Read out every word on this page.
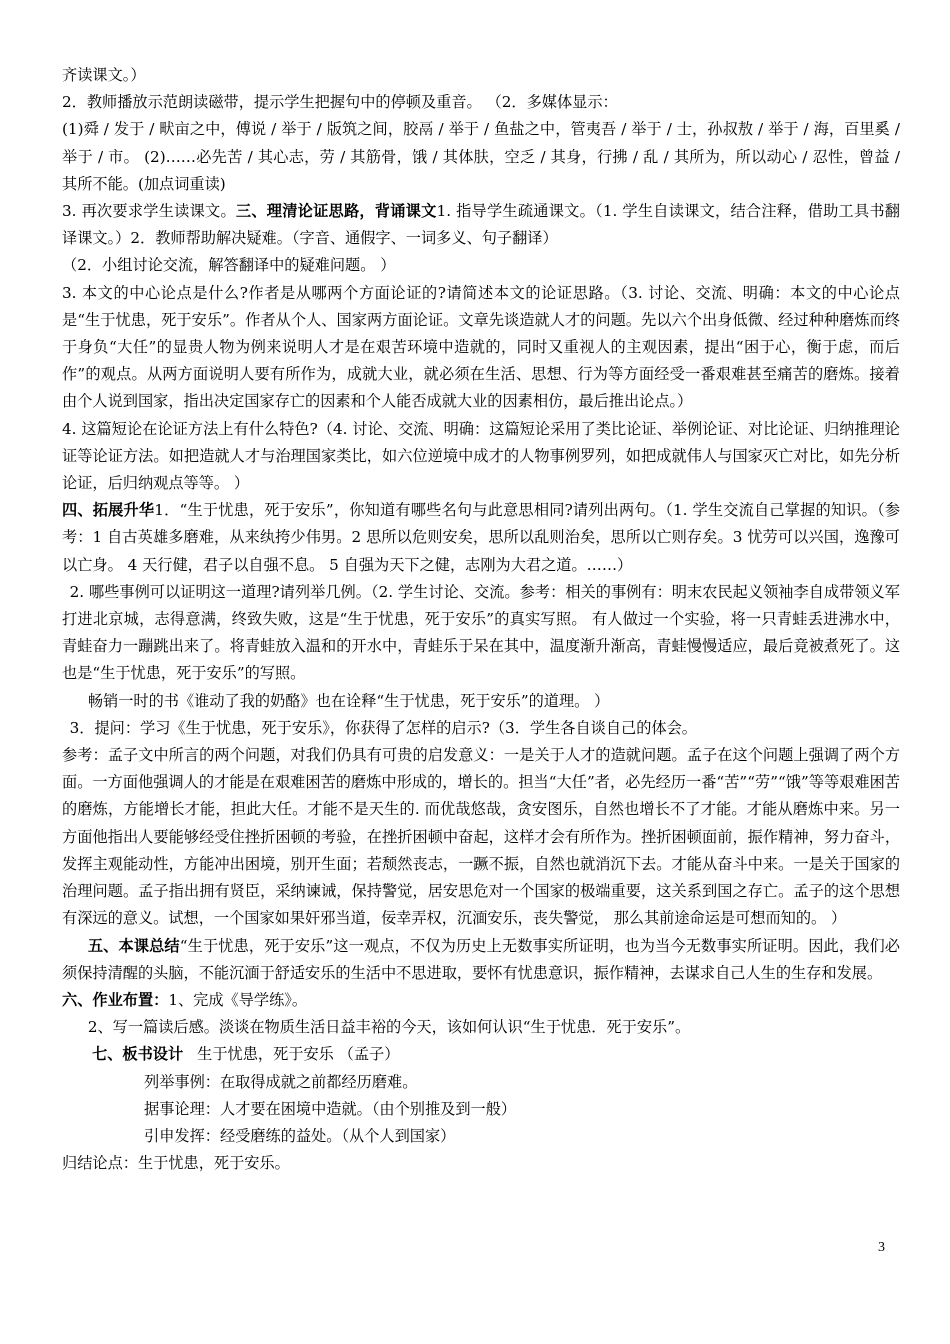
齐读课文。）

2．教师播放示范朗读磁带，提示学生把握句中的停顿及重音。 （2．多媒体显示：

(1)舜 / 发于 / 畎亩之中，傅说 / 举于 / 版筑之间，胶鬲 / 举于 / 鱼盐之中，管夷吾 / 举于 / 士，孙叔敖 / 举于 / 海，百里奚 / 举于 / 市。 (2)……必先苦 / 其心志，劳 / 其筋骨，饿 / 其体肤，空乏 / 其身，行拂 / 乱 / 其所为，所以动心 / 忍性，曾益 / 其所不能。(加点词重读)

3. 再次要求学生读课文。三、理清论证思路，背诵课文1. 指导学生疏通课文。（1. 学生自读课文，结合注释，借助工具书翻译课文。）2．教师帮助解决疑难。（字音、通假字、一词多义、句子翻译）

（2．小组讨论交流，解答翻译中的疑难问题。 ）

3. 本文的中心论点是什么?作者是从哪两个方面论证的?请简述本文的论证思路。（3. 讨论、交流、明确：本文的中心论点是“生于忧患，死于安乐”。作者从个人、国家两方面论证。文章先谈造就人才的问题。先以六个出身低微、经过种种磨炼而终于身负“大任”的显贵人物为例来说明人才是在艰苦环境中造就的，同时又重视人的主观因素，提出“困于心，衡于虑，而后作”的观点。从两方面说明人要有所作为，成就大业，就必须在生活、思想、行为等方面经受一番艰难甚至痛苦的磨炼。接着由个人说到国家，指出决定国家存亡的因素和个人能否成就大业的因素相仿，最后推出论点。）

4. 这篇短论在论证方法上有什么特色?（4. 讨论、交流、明确：这篇短论采用了类比论证、举例论证、对比论证、归纳推理论证等论证方法。如把造就人才与治理国家类比，如六位逆境中成才的人物事例罗列，如把成就伟人与国家灭亡对比，如先分析论证，后归纳观点等等。 ）

四、拓展升华1．“生于忧患，死于安乐”，你知道有哪些名句与此意思相同?请列出两句。（1. 学生交流自己掌握的知识。（参考：1 自古英雄多磨难，从来纨挎少伟男。2 思所以危则安矣，思所以乱则治矣，思所以亡则存矣。3 忧劳可以兴国，逸豫可以亡身。 4 天行健，君子以自强不息。 5 自强为天下之健，志刚为大君之道。……）

2. 哪些事例可以证明这一道理?请列举几例。（2. 学生讨论、交流。参考：相关的事例有：明末农民起义领袖李自成带领义军打进北京城，志得意满，终致失败，这是“生于忧患，死于安乐”的真实写照。 有人做过一个实验，将一只青蛙丢进沸水中，青蛙奋力一蹦跳出来了。将青蛙放入温和的开水中，青蛙乐于呆在其中，温度渐升渐高，青蛙慢慢适应，最后竟被煮死了。这也是“生于忧患，死于安乐”的写照。

畅销一时的书《谁动了我的奶酪》也在诠释“生于忧患，死于安乐”的道理。 ）

3．提问：学习《生于忧患，死于安乐》，你获得了怎样的启示?（3．学生各自谈自己的体会。

参考：孟子文中所言的两个问题，对我们仍具有可贵的启发意义：一是关于人才的造就问题。孟子在这个问题上强调了两个方面。一方面他强调人的才能是在艰难困苦的磨炼中形成的，增长的。担当“大任”者，必先经历一番“苦”“劳”“饿”等等艰难困苦的磨炼，方能增长才能，担此大任。才能不是天生的. 而优哉悠哉，贪安图乐，自然也增长不了才能。才能从磨炼中来。另一方面他指出人要能够经受住挫折困顿的考验，在挫折困顿中奋起，这样才会有所作为。挫折困顿面前，振作精神，努力奋斗，发挥主观能动性，方能冲出困境，别开生面；若颓然丧志，一蹶不振，自然也就消沉下去。才能从奋斗中来。一是关于国家的治理问题。孟子指出拥有贤臣，采纳谏诫，保持警觉，居安思危对一个国家的极端重要，这关系到国之存亡。孟子的这个思想有深远的意义。试想，一个国家如果奸邪当道，佞幸弄权，沉湎安乐，丧失警觉， 那么其前途命运是可想而知的。 ）

五、本课总结“生于忧患，死于安乐”这一观点，不仅为历史上无数事实所证明，也为当今无数事实所证明。因此，我们必须保持清醒的头脑，不能沉湎于舒适安乐的生活中不思进取，要怀有忧患意识，振作精神，去谋求自己人生的生存和发展。

六、作业布置：1、完成《导学练》。

2、写一篇读后感。淡谈在物质生活日益丰裕的今天，该如何认识“生于忧患．死于安乐”。

七、板书设计 生于忧患，死于安乐 （孟子）

列举事例：在取得成就之前都经历磨难。

据事论理：人才要在困境中造就。（由个别推及到一般）

引申发挥：经受磨练的益处。（从个人到国家）

归结论点：生于忧患，死于安乐。

3
